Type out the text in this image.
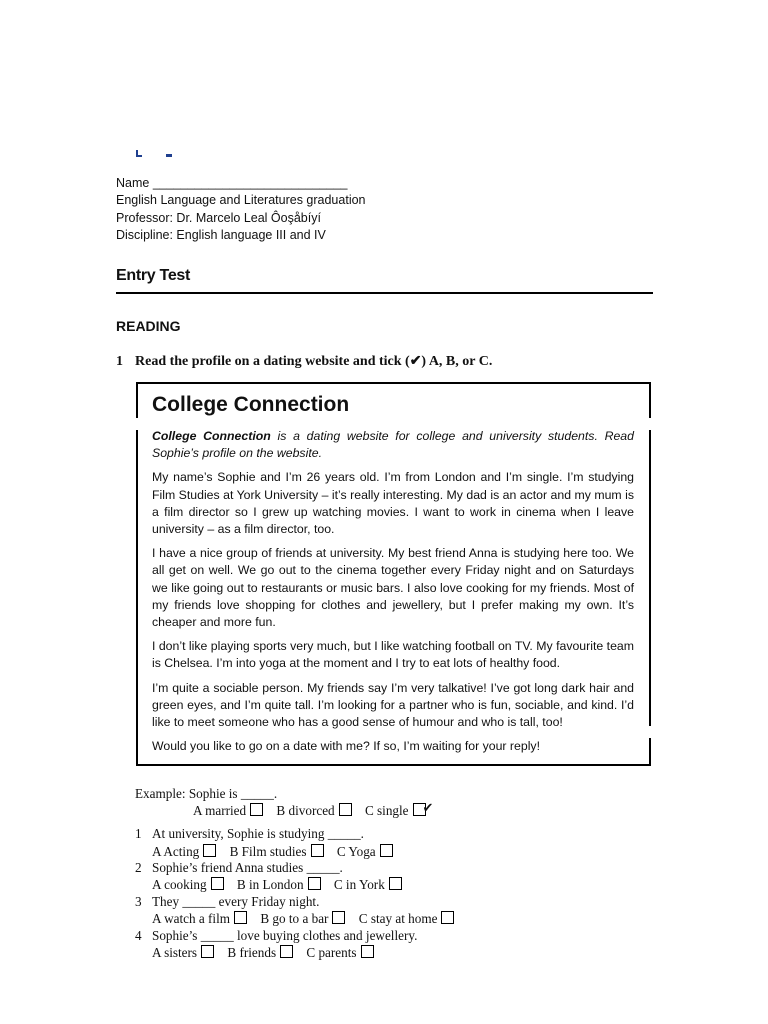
Name ____________________________
English Language and Literatures graduation
Professor: Dr. Marcelo Leal Ôoşåbíyí
Discipline: English language III and IV
Entry Test
READING
1 Read the profile on a dating website and tick (✔) A, B, or C.
College Connection

College Connection is a dating website for college and university students. Read Sophie’s profile on the website.

My name’s Sophie and I’m 26 years old. I’m from London and I’m single. I’m studying Film Studies at York University – it’s really interesting. My dad is an actor and my mum is a film director so I grew up watching movies. I want to work in cinema when I leave university – as a film director, too.

I have a nice group of friends at university. My best friend Anna is studying here too. We all get on well. We go out to the cinema together every Friday night and on Saturdays we like going out to restaurants or music bars. I also love cooking for my friends. Most of my friends love shopping for clothes and jewellery, but I prefer making my own. It’s cheaper and more fun.

I don’t like playing sports very much, but I like watching football on TV. My favourite team is Chelsea. I’m into yoga at the moment and I try to eat lots of healthy food.

I’m quite a sociable person. My friends say I’m very talkative! I’ve got long dark hair and green eyes, and I’m quite tall. I’m looking for a partner who is fun, sociable, and kind. I’d like to meet someone who has a good sense of humour and who is tall, too!

Would you like to go on a date with me? If so, I’m waiting for your reply!

Example: Sophie is _____.
A married B divorced C single ✔
1 At university, Sophie is studying _____.
A Acting B Film studies C Yoga
2 Sophie’s friend Anna studies _____.
A cooking B in London C in York
3 They _____ every Friday night.
A watch a film B go to a bar C stay at home
4 Sophie’s _____ love buying clothes and jewellery.
A sisters B friends C parents
